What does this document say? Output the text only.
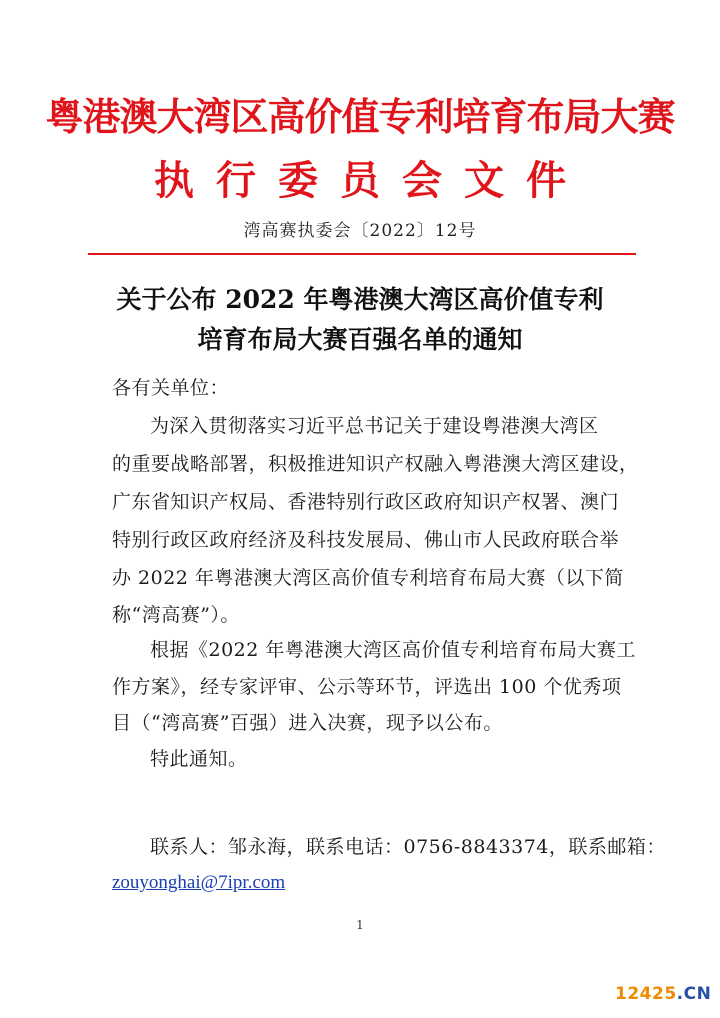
粤港澳大湾区高价值专利培育布局大赛
执行委员会文件
湾高赛执委会〔2022〕12号
关于公布 2022 年粤港澳大湾区高价值专利
培育布局大赛百强名单的通知
各有关单位：
为深入贯彻落实习近平总书记关于建设粤港澳大湾区
的重要战略部署，积极推进知识产权融入粤港澳大湾区建设，
广东省知识产权局、香港特别行政区政府知识产权署、澳门
特别行政区政府经济及科技发展局、佛山市人民政府联合举
办 2022 年粤港澳大湾区高价值专利培育布局大赛（以下简
称“湾高赛”）。
根据《2022 年粤港澳大湾区高价值专利培育布局大赛工
作方案》，经专家评审、公示等环节，评选出 100 个优秀项
目（“湾高赛”百强）进入决赛，现予以公布。
特此通知。
联系人：邹永海，联系电话：0756-8843374，联系邮箱：
zouyonghai@7ipr.com
1
12425.CN
